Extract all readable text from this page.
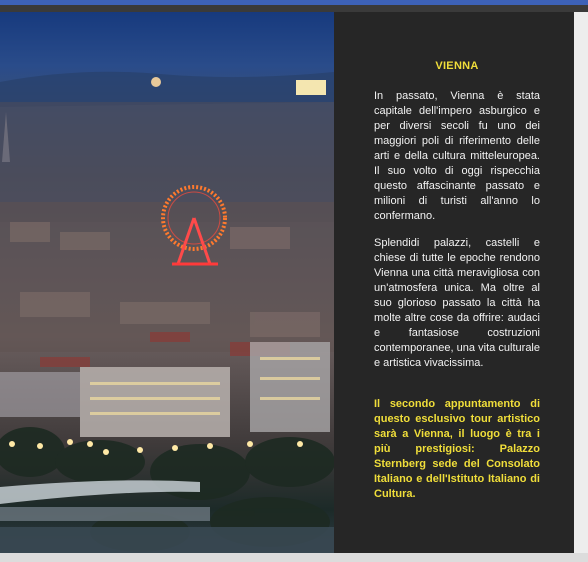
VIENNA

In passato, Vienna è stata capitale dell'impero asburgico e per diversi secoli fu uno dei maggiori poli di riferimento delle arti e della cultura mitteleuropea. Il suo volto di oggi rispecchia questo affascinante passato e milioni di turisti all'anno lo confermano.

Splendidi palazzi, castelli e chiese di tutte le epoche rendono Vienna una città meravigliosa con un'atmosfera unica. Ma oltre al suo glorioso passato la città ha molte altre cose da offrire: audaci e fantasiose costruzioni contemporanee, una vita culturale e artistica vivacissima.

Il secondo appuntamento di questo esclusivo tour artistico sarà a Vienna, il luogo è tra i più prestigiosi: Palazzo Sternberg sede del Consolato Italiano e dell'Istituto Italiano di Cultura.
